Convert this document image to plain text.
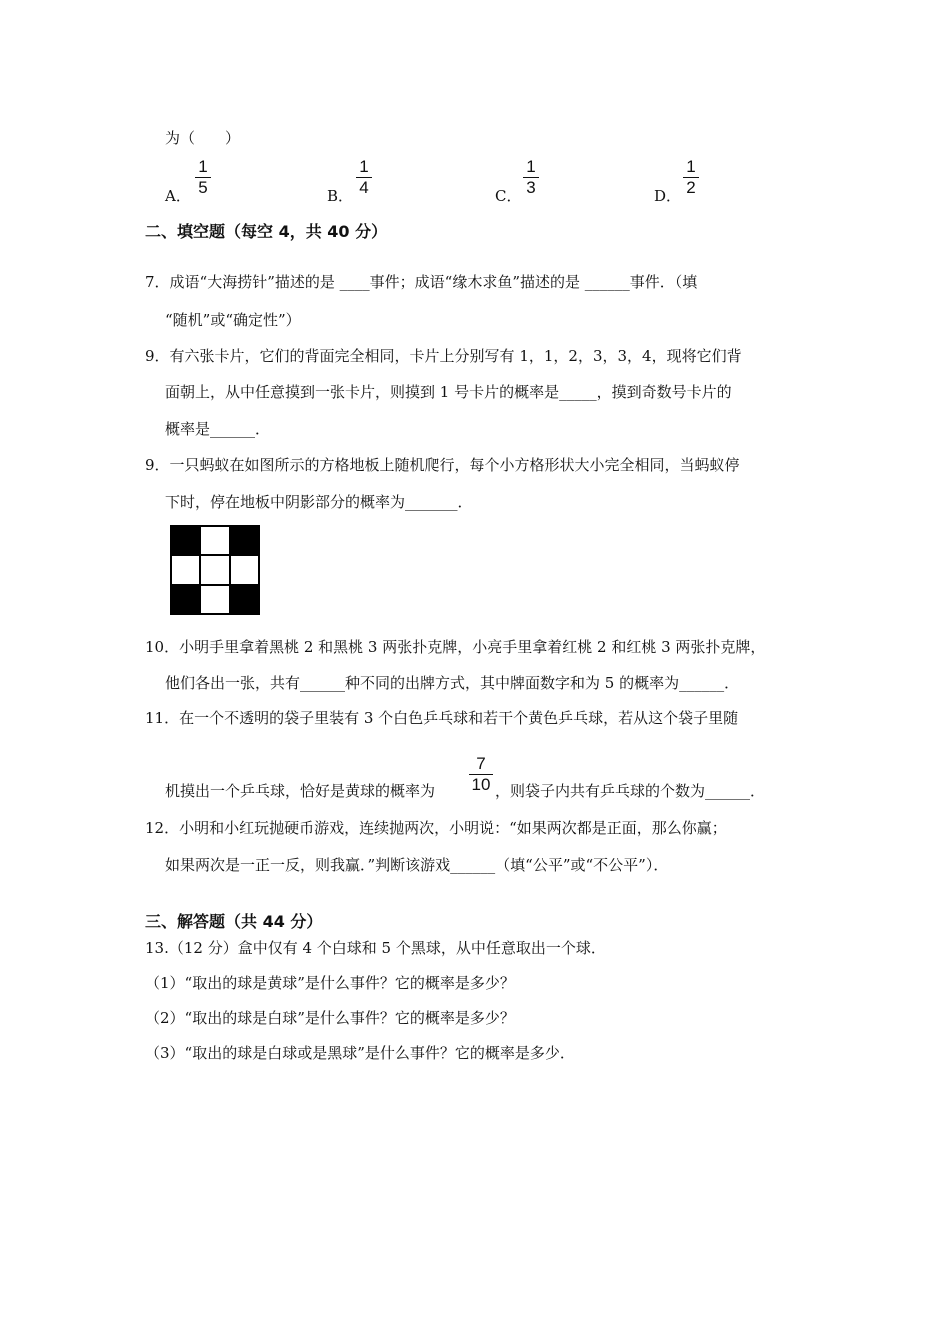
为（　　）
A．
1
5	B．
1
4	C．
1
3	D．
1
2
二、填空题（每空 4，共 40 分）
7．成语“大海捞针”描述的是 ____事件；成语“缘木求鱼”描述的是 ______事件．（填
“随机”或“确定性”）
9．有六张卡片，它们的背面完全相同，卡片上分别写有 1，1，2，3，3，4，现将它们背
面朝上，从中任意摸到一张卡片，则摸到 1 号卡片的概率是_____，摸到奇数号卡片的
概率是______．
9．一只蚂蚁在如图所示的方格地板上随机爬行，每个小方格形状大小完全相同，当蚂蚁停
下时，停在地板中阴影部分的概率为_______．
10．小明手里拿着黑桃 2 和黑桃 3 两张扑克牌，小亮手里拿着红桃 2 和红桃 3 两张扑克牌，
他们各出一张，共有______种不同的出牌方式，其中牌面数字和为 5 的概率为______．
11．在一个不透明的袋子里装有 3 个白色乒乓球和若干个黄色乒乓球，若从这个袋子里随
机摸出一个乒乓球，恰好是黄球的概率为
7
10 ，则袋子内共有乒乓球的个数为______．
12．小明和小红玩抛硬币游戏，连续抛两次，小明说：“如果两次都是正面，那么你赢；
如果两次是一正一反，则我赢．”判断该游戏______（填“公平”或“不公平”）．
三、解答题（共 44 分）
13.（12 分）盒中仅有 4 个白球和 5 个黑球，从中任意取出一个球．
（1）“取出的球是黄球”是什么事件？它的概率是多少？
（2）“取出的球是白球”是什么事件？它的概率是多少？
（3）“取出的球是白球或是黑球”是什么事件？它的概率是多少．
